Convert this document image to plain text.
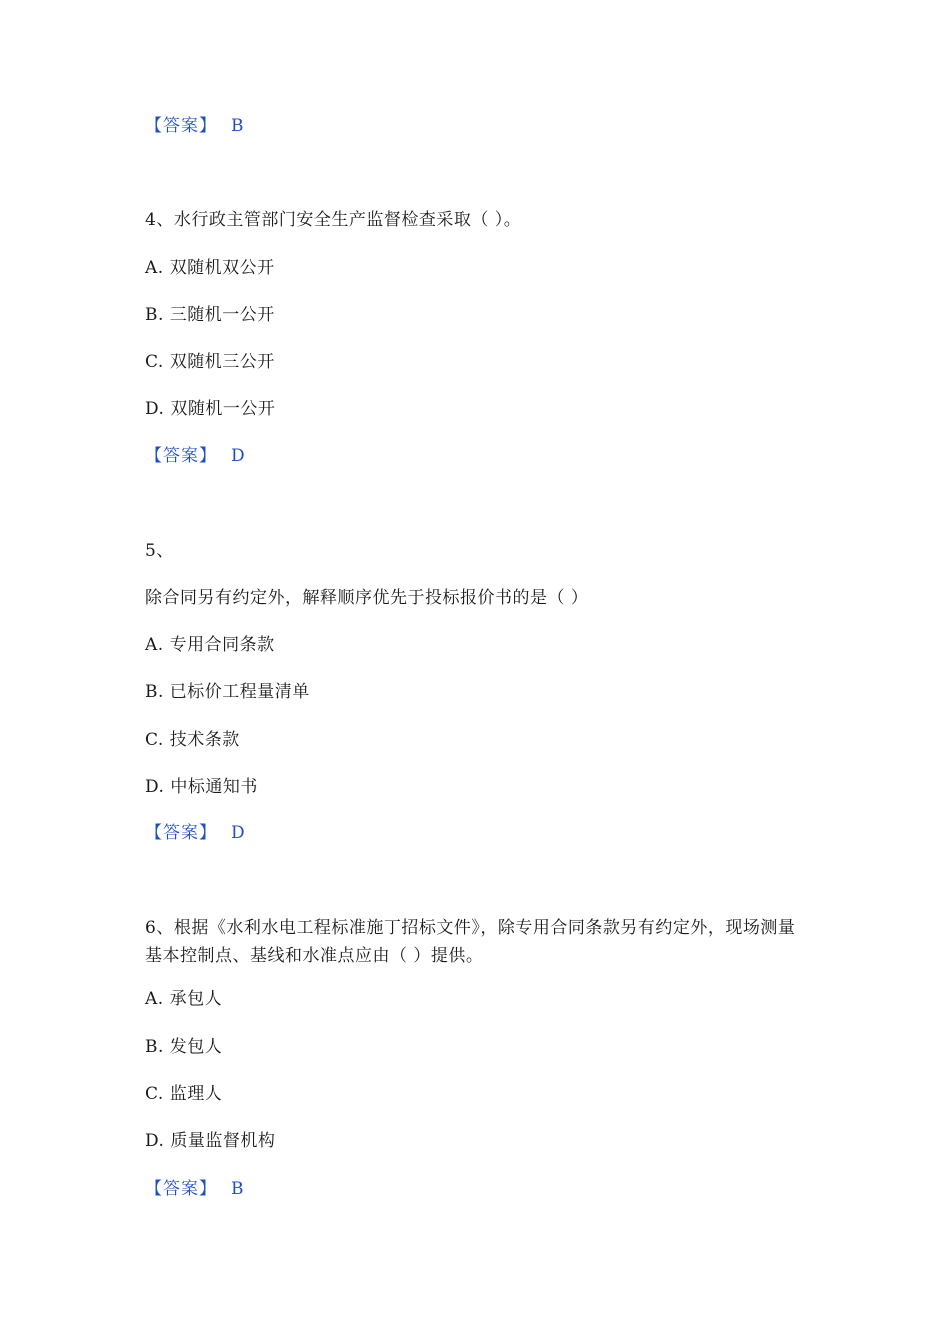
【答案】 B
4、水行政主管部门安全生产监督检查采取（ ）。
A. 双随机双公开
B. 三随机一公开
C. 双随机三公开
D. 双随机一公开
【答案】 D
5、
除合同另有约定外，解释顺序优先于投标报价书的是（ ）
A. 专用合同条款
B. 已标价工程量清单
C. 技术条款
D. 中标通知书
【答案】 D
6、根据《水利水电工程标准施丁招标文件》，除专用合同条款另有约定外，现场测量基本控制点、基线和水准点应由（ ）提供。
A. 承包人
B. 发包人
C. 监理人
D. 质量监督机构
【答案】 B
